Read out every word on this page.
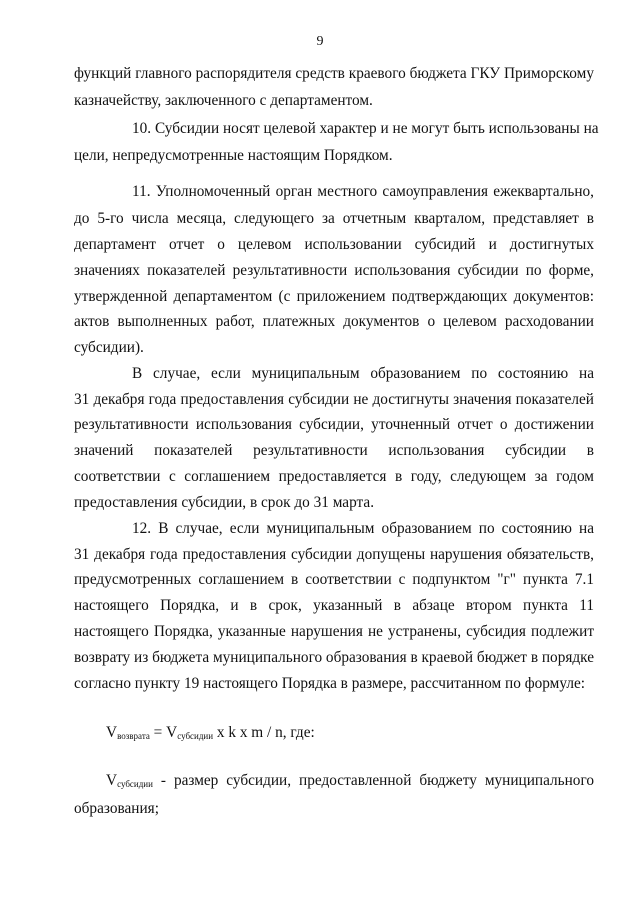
9
функций главного распорядителя средств краевого бюджета ГКУ Приморскому
казначейству, заключенного с департаментом.
10. Субсидии носят целевой характер и не могут быть использованы на
цели, непредусмотренные настоящим Порядком.
11. Уполномоченный орган местного самоуправления ежеквартально,
до 5-го числа месяца, следующего за отчетным кварталом, представляет в
департамент отчет о целевом использовании субсидий и достигнутых
значениях показателей результативности использования субсидии по форме,
утвержденной департаментом (с приложением подтверждающих документов:
актов выполненных работ, платежных документов о целевом расходовании
субсидии).
В случае, если муниципальным образованием по состоянию на
31 декабря года предоставления субсидии не достигнуты значения показателей
результативности использования субсидии, уточненный отчет о достижении
значений показателей результативности использования субсидии в
соответствии с соглашением предоставляется в году, следующем за годом
предоставления субсидии, в срок до 31 марта.
12. В случае, если муниципальным образованием по состоянию на
31 декабря года предоставления субсидии допущены нарушения обязательств,
предусмотренных соглашением в соответствии с подпунктом "г" пункта 7.1
настоящего Порядка, и в срок, указанный в абзаце втором пункта 11
настоящего Порядка, указанные нарушения не устранены, субсидия подлежит
возврату из бюджета муниципального образования в краевой бюджет в порядке
согласно пункту 19 настоящего Порядка в размере, рассчитанном по формуле:
$V_{возврата} = V_{субсидии}$ x k x m / n, где:
$V_{субсидии}$ - размер субсидии, предоставленной бюджету муниципального
образования;
